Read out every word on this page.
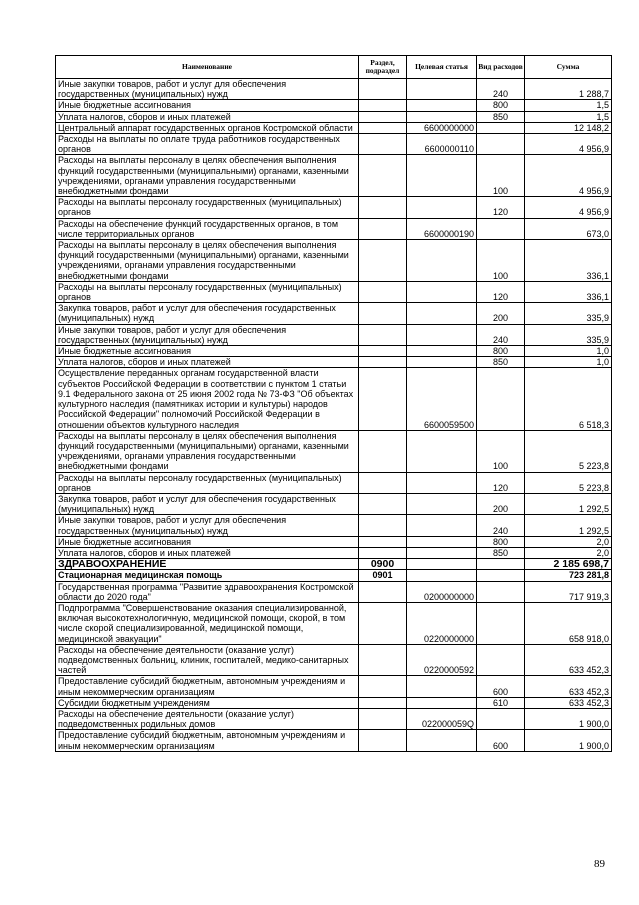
Наименование	Раздел, подраздел	Целевая статья	Вид расходов	Сумма
Иные закупки товаров, работ и услуг для обеспечения государственных (муниципальных) нужд			240	1 288,7
Иные бюджетные ассигнования			800	1,5
Уплата налогов, сборов и иных платежей			850	1,5
Центральный аппарат государственных органов Костромской области		6600000000		12 148,2
Расходы на выплаты по оплате труда работников государственных органов		6600000110		4 956,9
Расходы на выплаты персоналу в целях обеспечения выполнения функций государственными (муниципальными) органами, казенными учреждениями, органами управления государственными внебюджетными фондами			100	4 956,9
Расходы на выплаты персоналу государственных (муниципальных) органов			120	4 956,9
Расходы на обеспечение функций государственных органов, в том числе территориальных органов		6600000190		673,0
Расходы на выплаты персоналу в целях обеспечения выполнения функций государственными (муниципальными) органами, казенными учреждениями, органами управления государственными внебюджетными фондами			100	336,1
Расходы на выплаты персоналу государственных (муниципальных) органов			120	336,1
Закупка товаров, работ и услуг для обеспечения государственных (муниципальных) нужд			200	335,9
Иные закупки товаров, работ и услуг для обеспечения государственных (муниципальных) нужд			240	335,9
Иные бюджетные ассигнования			800	1,0
Уплата налогов, сборов и иных платежей			850	1,0
Осуществление переданных органам государственной власти субъектов Российской Федерации в соответствии с пунктом 1 статьи 9.1 Федерального закона от 25 июня 2002 года № 73-ФЗ "Об объектах культурного наследия (памятниках истории и культуры) народов Российской Федерации" полномочий Российской Федерации в отношении объектов культурного наследия		6600059500		6 518,3
Расходы на выплаты персоналу в целях обеспечения выполнения функций государственными (муниципальными) органами, казенными учреждениями, органами управления государственными внебюджетными фондами			100	5 223,8
Расходы на выплаты персоналу государственных (муниципальных) органов			120	5 223,8
Закупка товаров, работ и услуг для обеспечения государственных (муниципальных) нужд			200	1 292,5
Иные закупки товаров, работ и услуг для обеспечения государственных (муниципальных) нужд			240	1 292,5
Иные бюджетные ассигнования			800	2,0
Уплата налогов, сборов и иных платежей			850	2,0
ЗДРАВООХРАНЕНИЕ	0900			2 185 698,7
Стационарная медицинская помощь	0901			723 281,8
Государственная программа "Развитие здравоохранения Костромской области до 2020 года"		0200000000		717 919,3
Подпрограмма "Совершенствование оказания специализированной, включая высокотехнологичную, медицинской помощи, скорой, в том числе скорой специализированной, медицинской помощи, медицинской эвакуации"		0220000000		658 918,0
Расходы на обеспечение деятельности (оказание услуг) подведомственных больниц, клиник, госпиталей, медико-санитарных частей		0220000592		633 452,3
Предоставление субсидий бюджетным, автономным учреждениям и иным некоммерческим организациям			600	633 452,3
Субсидии бюджетным учреждениям			610	633 452,3
Расходы на обеспечение деятельности (оказание услуг) подведомственных родильных домов		022000059Q		1 900,0
Предоставление субсидий бюджетным, автономным учреждениям и иным некоммерческим организациям			600	1 900,0
89
